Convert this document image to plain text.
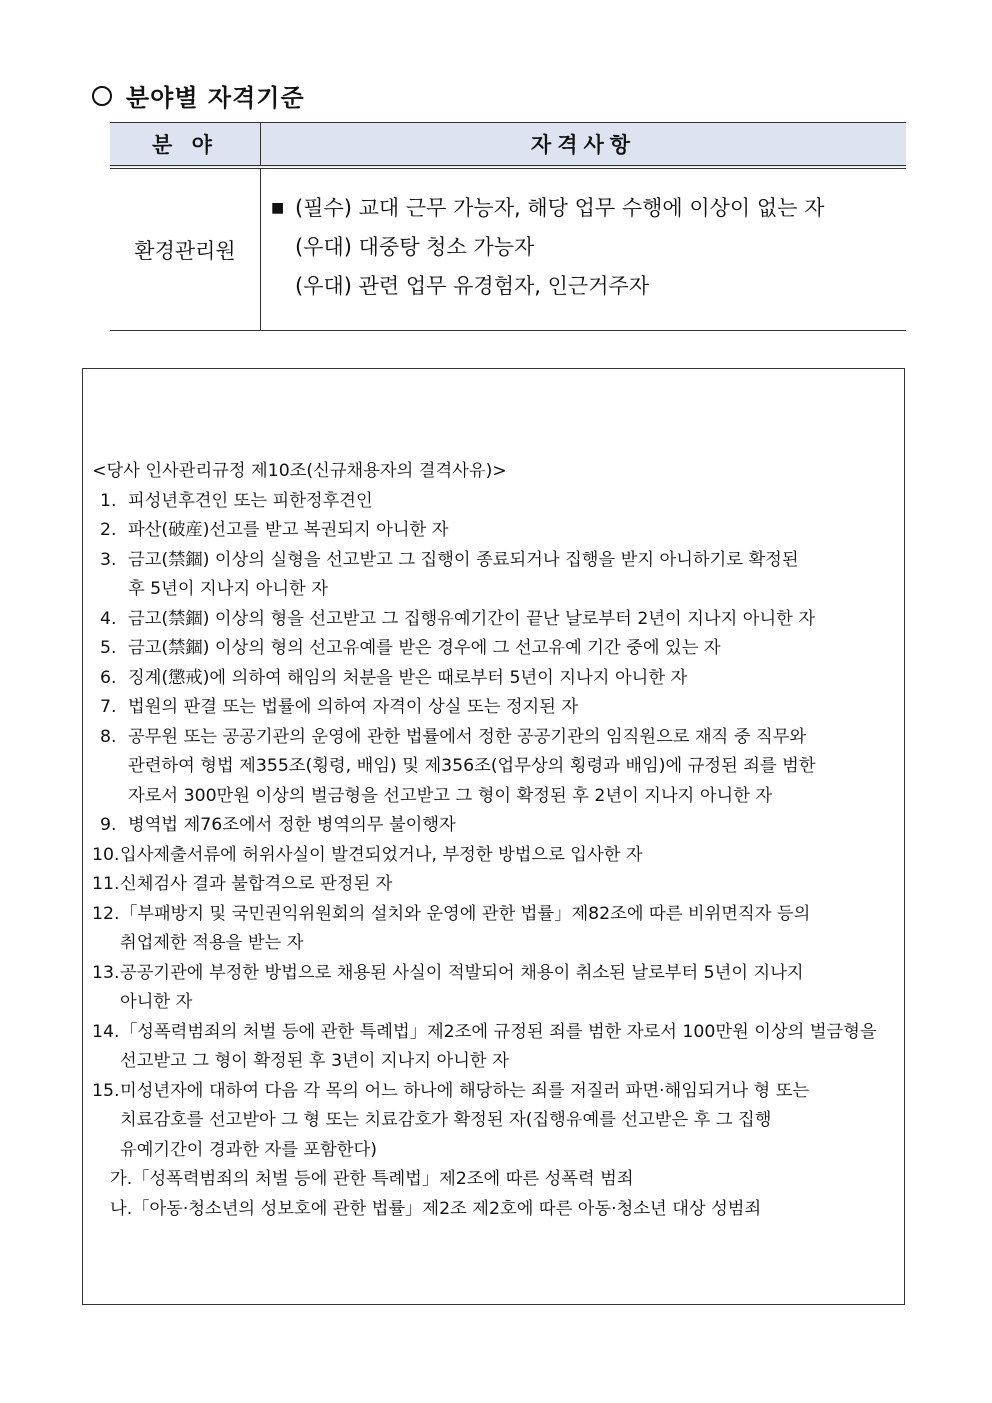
분야별 자격기준
분 야	자격사항
환경관리원	■ (필수) 교대 근무 가능자, 해당 업무 수행에 이상이 없는 자
(우대) 대중탕 청소 가능자
(우대) 관련 업무 유경험자, 인근거주자
<당사 인사관리규정 제10조(신규채용자의 결격사유)>
1. 피성년후견인 또는 피한정후견인
2. 파산(破産)선고를 받고 복권되지 아니한 자
3. 금고(禁錮) 이상의 실형을 선고받고 그 집행이 종료되거나 집행을 받지 아니하기로 확정된
후 5년이 지나지 아니한 자
4. 금고(禁錮) 이상의 형을 선고받고 그 집행유예기간이 끝난 날로부터 2년이 지나지 아니한 자
5. 금고(禁錮) 이상의 형의 선고유예를 받은 경우에 그 선고유예 기간 중에 있는 자
6. 징계(懲戒)에 의하여 해임의 처분을 받은 때로부터 5년이 지나지 아니한 자
7. 법원의 판결 또는 법률에 의하여 자격이 상실 또는 정지된 자
8. 공무원 또는 공공기관의 운영에 관한 법률에서 정한 공공기관의 임직원으로 재직 중 직무와
관련하여 형법 제355조(횡령, 배임) 및 제356조(업무상의 횡령과 배임)에 규정된 죄를 범한
자로서 300만원 이상의 벌금형을 선고받고 그 형이 확정된 후 2년이 지나지 아니한 자
9. 병역법 제76조에서 정한 병역의무 불이행자
10. 입사제출서류에 허위사실이 발견되었거나, 부정한 방법으로 입사한 자
11. 신체검사 결과 불합격으로 판정된 자
12. 「부패방지 및 국민권익위원회의 설치와 운영에 관한 법률」제82조에 따른 비위면직자 등의
취업제한 적용을 받는 자
13. 공공기관에 부정한 방법으로 채용된 사실이 적발되어 채용이 취소된 날로부터 5년이 지나지
아니한 자
14. 「성폭력범죄의 처벌 등에 관한 특례법」제2조에 규정된 죄를 범한 자로서 100만원 이상의 벌금형을
선고받고 그 형이 확정된 후 3년이 지나지 아니한 자
15. 미성년자에 대하여 다음 각 목의 어느 하나에 해당하는 죄를 저질러 파면·해임되거나 형 또는
치료감호를 선고받아 그 형 또는 치료감호가 확정된 자(집행유예를 선고받은 후 그 집행
유예기간이 경과한 자를 포함한다)
가.「성폭력범죄의 처벌 등에 관한 특례법」제2조에 따른 성폭력 범죄
나.「아동·청소년의 성보호에 관한 법률」제2조 제2호에 따른 아동·청소년 대상 성범죄
